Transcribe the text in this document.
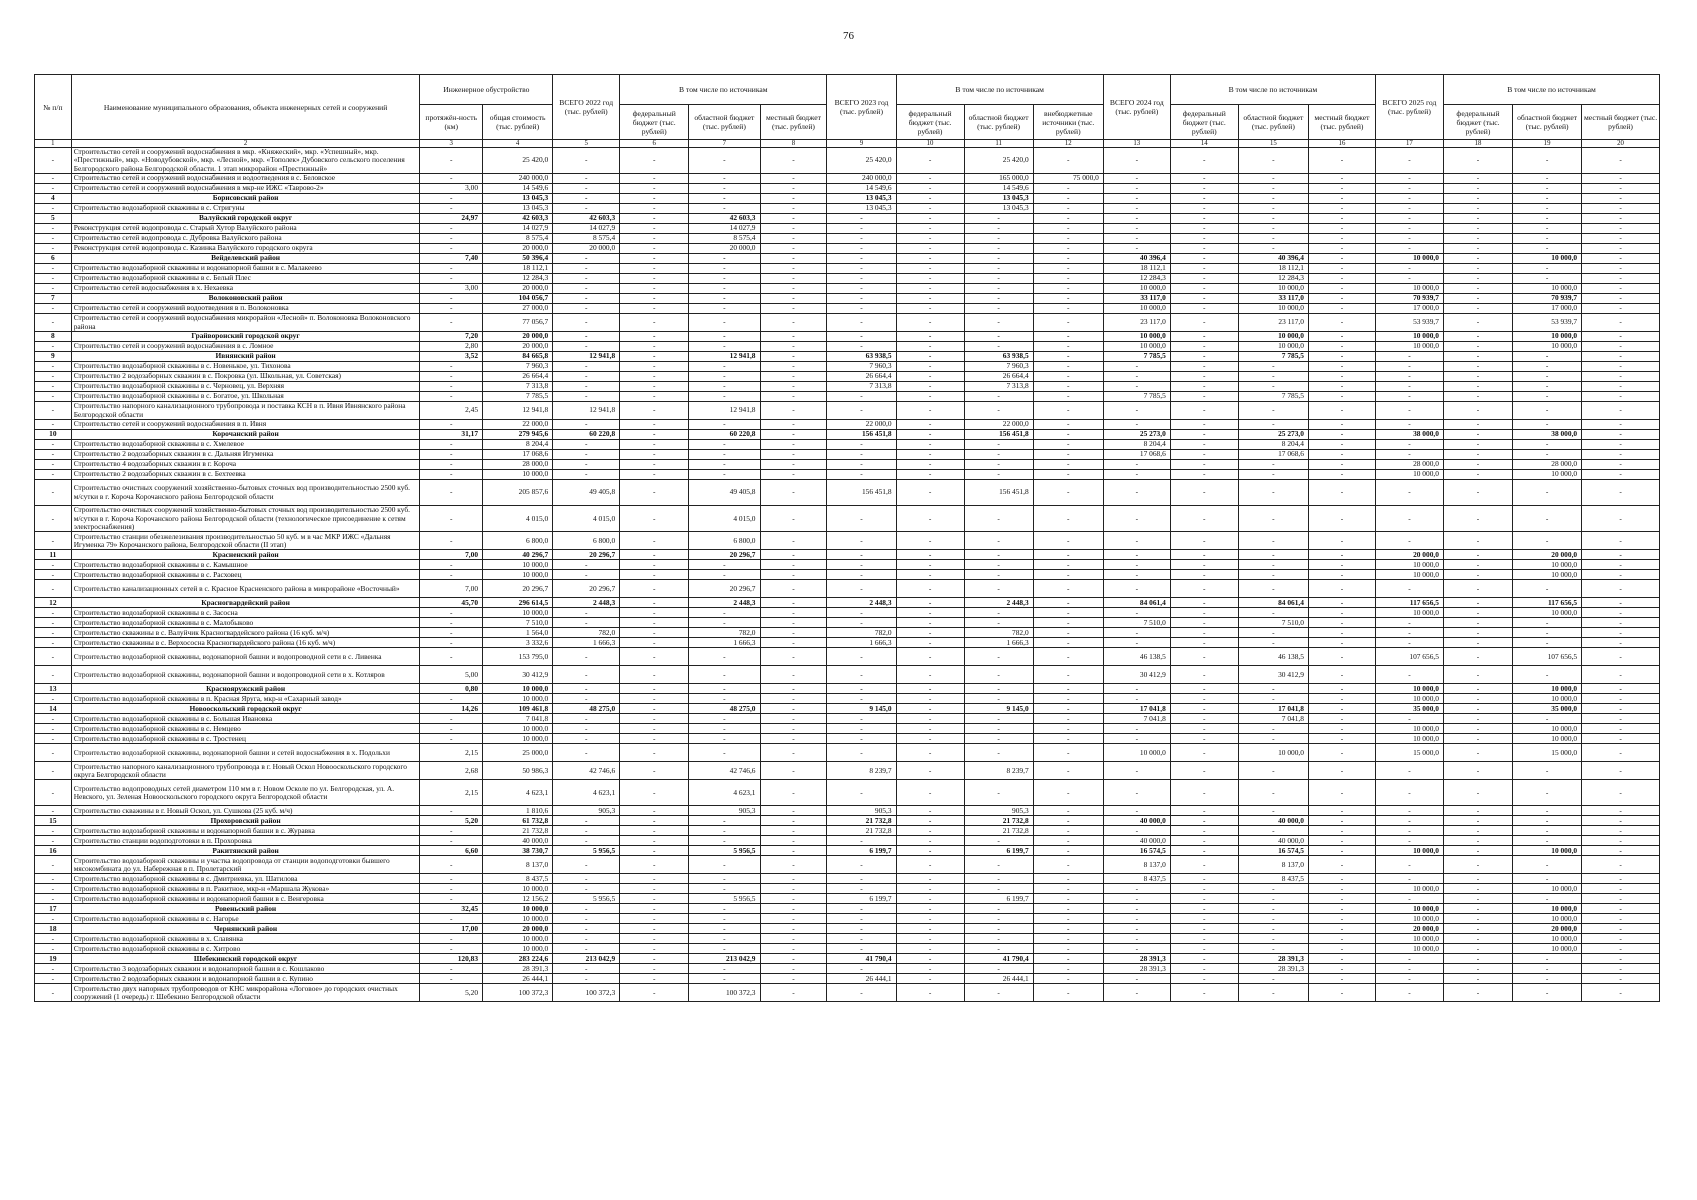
76
№ п/п	Наименование муниципального образования, объекта инженерных сетей и сооружений	Инженерное обустройство		ВСЕГО 2022 год (тыс. рублей)	В том числе по источникам			ВСЕГО 2023 год (тыс. рублей)	В том числе по источникам			ВСЕГО 2024 год (тыс. рублей)	В том числе по источникам			ВСЕГО 2025 год (тыс. рублей)	В том числе по источникам		
		протяжён-ность (км)	общая стоимость (тыс. рублей)		федеральный бюджет (тыс. рублей)	областной бюджет (тыс. рублей)	местный бюджет (тыс. рублей)		федеральный бюджет (тыс. рублей)	областной бюджет (тыс. рублей)	внебюджетные источники (тыс. рублей)		федеральный бюджет (тыс. рублей)	областной бюджет (тыс. рублей)	местный бюджет (тыс. рублей)		федеральный бюджет (тыс. рублей)	областной бюджет (тыс. рублей)	местный бюджет (тыс. рублей)
1	2	3	4	5	6	7	8	9	10	11	12	13	14	15	16	17	18	19	20
-	Строительство сетей и сооружений водоснабжения в мкр. «Княжеский», мкр. «Успешный», мкр. «Престижный», мкр. «Новодубовской», мкр. «Лесной», мкр. «Тополек» Дубовского сельского поселения Белгородского района Белгородской области. 1 этап микрорайон «Престижный»	-	25 420,0	-	-	-	-	25 420,0	-	25 420,0	-	-	-	-	-	-	-	-	-
-	Строительство сетей и сооружений водоснабжения и водоотведения в с. Беловское	-	240 000,0	-	-	-	-	240 000,0	-	165 000,0	75 000,0	-	-	-	-	-	-	-	-
-	Строительство сетей и сооружений водоснабжения в мкр-не ИЖС «Таврово-2»	3,00	14 549,6	-	-	-	-	14 549,6	-	14 549,6	-	-	-	-	-	-	-	-	-
4	Борисовский район	-	13 045,3	-	-	-	-	13 045,3	-	13 045,3	-	-	-	-	-	-	-	-	-
-	Строительство водозаборной скважины в с. Стригуны	-	13 045,3	-	-	-	-	13 045,3	-	13 045,3	-	-	-	-	-	-	-	-	-
5	Валуйский городской округ	24,97	42 603,3	42 603,3	-	42 603,3	-	-	-	-	-	-	-	-	-	-	-	-	-
-	Реконструкция сетей водопровода с. Старый Хутор Валуйского района	-	14 027,9	14 027,9	-	14 027,9	-	-	-	-	-	-	-	-	-	-	-	-	-
-	Строительство сетей водопровода с. Дубровка Валуйского района	-	8 575,4	8 575,4	-	8 575,4	-	-	-	-	-	-	-	-	-	-	-	-	-
-	Реконструкция сетей водопровода с. Казинка Валуйского городского округа	-	20 000,0	20 000,0	-	20 000,0	-	-	-	-	-	-	-	-	-	-	-	-	-
6	Вейделевский район	7,40	50 396,4	-	-	-	-	-	-	-	-	40 396,4	-	40 396,4	-	10 000,0	-	10 000,0	-
-	Строительство водозаборной скважины и водонапорной башни в с. Малакеево	-	18 112,1	-	-	-	-	-	-	-	-	18 112,1	-	18 112,1	-	-	-	-	-
-	Строительство водозаборной скважины в с. Белый Плес	-	12 284,3	-	-	-	-	-	-	-	-	12 284,3	-	12 284,3	-	-	-	-	-
-	Строительство сетей водоснабжения в х. Нехаевка	3,00	20 000,0	-	-	-	-	-	-	-	-	10 000,0	-	10 000,0	-	10 000,0	-	10 000,0	-
7	Волоконовский район	-	104 056,7	-	-	-	-	-	-	-	-	33 117,0	-	33 117,0	-	70 939,7	-	70 939,7	-
-	Строительство сетей и сооружений водоотведения в п. Волоконовка	-	27 000,0	-	-	-	-	-	-	-	-	10 000,0	-	10 000,0	-	17 000,0	-	17 000,0	-
-	Строительство сетей и сооружений водоснабжения микрорайон «Лесной» п. Волоконовка Волоконовского района	-	77 056,7	-	-	-	-	-	-	-	-	23 117,0	-	23 117,0	-	53 939,7	-	53 939,7	-
8	Грайворонский городской округ	7,20	20 000,0	-	-	-	-	-	-	-	-	10 000,0	-	10 000,0	-	10 000,0	-	10 000,0	-
-	Строительство сетей и сооружений водоснабжения в с. Ломное	2,80	20 000,0	-	-	-	-	-	-	-	-	10 000,0	-	10 000,0	-	10 000,0	-	10 000,0	-
9	Ивнянский район	3,52	84 665,8	12 941,8	-	12 941,8	-	63 938,5	-	63 938,5	-	7 785,5	-	7 785,5	-	-	-	-	-
-	Строительство водозаборной скважины в с. Новенькое, ул. Тихонова	-	7 960,3	-	-	-	-	7 960,3	-	7 960,3	-	-	-	-	-	-	-	-	-
-	Строительство 2 водозаборных скважин в с. Покровка (ул. Школьная, ул. Советская)	-	26 664,4	-	-	-	-	26 664,4	-	26 664,4	-	-	-	-	-	-	-	-	-
-	Строительство водозаборной скважины в с. Черновец, ул. Верхняя	-	7 313,8	-	-	-	-	7 313,8	-	7 313,8	-	-	-	-	-	-	-	-	-
-	Строительство водозаборной скважины в с. Богатое, ул. Школьная	-	7 785,5	-	-	-	-	-	-	-	-	7 785,5	-	7 785,5	-	-	-	-	-
-	Строительство напорного канализационного трубопровода и поставка КСН в п. Ивня Ивнянского района Белгородской области	2,45	12 941,8	12 941,8	-	12 941,8	-	-	-	-	-	-	-	-	-	-	-	-	-
-	Строительство сетей и сооружений водоснабжения в п. Ивня	-	22 000,0	-	-	-	-	22 000,0	-	22 000,0	-	-	-	-	-	-	-	-	-
10	Корочанский район	31,17	279 945,6	60 220,8	-	60 220,8	-	156 451,8	-	156 451,8	-	25 273,0	-	25 273,0	-	38 000,0	-	38 000,0	-
-	Строительство водозаборной скважины в с. Хмелевое	-	8 204,4	-	-	-	-	-	-	-	-	8 204,4	-	8 204,4	-	-	-	-	-
-	Строительство 2 водозаборных скважин в с. Дальняя Игуменка	-	17 068,6	-	-	-	-	-	-	-	-	17 068,6	-	17 068,6	-	-	-	-	-
-	Строительство 4 водозаборных скважин в г. Короча	-	28 000,0	-	-	-	-	-	-	-	-	-	-	-	-	28 000,0	-	28 000,0	-
-	Строительство 2 водозаборных скважин в с. Бехтеевка	-	10 000,0	-	-	-	-	-	-	-	-	-	-	-	-	10 000,0	-	10 000,0	-
-	Строительство очистных сооружений хозяйственно-бытовых сточных вод производительностью 2500 куб. м/сутки в г. Короча Корочанского района Белгородской области	-	205 857,6	49 405,8	-	49 405,8	-	156 451,8	-	156 451,8	-	-	-	-	-	-	-	-	-
-	Строительство очистных сооружений хозяйственно-бытовых сточных вод производительностью 2500 куб. м/сутки в г. Короча Корочанского района Белгородской области (технологическое присоединение к сетям электроснабжения)	-	4 015,0	4 015,0	-	4 015,0	-	-	-	-	-	-	-	-	-	-	-	-	-
-	Строительство станции обезжелезивания производительностью 50 куб. м в час МКР ИЖС «Дальняя Игуменка 79» Корочанского района, Белгородской области (II этап)	-	6 800,0	6 800,0	-	6 800,0	-	-	-	-	-	-	-	-	-	-	-	-	-
11	Красненский район	7,00	40 296,7	20 296,7	-	20 296,7	-	-	-	-	-	-	-	-	-	20 000,0	-	20 000,0	-
-	Строительство водозаборной скважины в с. Камышное	-	10 000,0	-	-	-	-	-	-	-	-	-	-	-	-	10 000,0	-	10 000,0	-
-	Строительство водозаборной скважины в с. Расховец	-	10 000,0	-	-	-	-	-	-	-	-	-	-	-	-	10 000,0	-	10 000,0	-
-	Строительство канализационных сетей в с. Красное Красненского района в микрорайоне «Восточный»	7,00	20 296,7	20 296,7	-	20 296,7	-	-	-	-	-	-	-	-	-	-	-	-	-
12	Красногвардейский район	45,70	296 614,5	2 448,3	-	2 448,3	-	2 448,3	-	2 448,3	-	84 061,4	-	84 061,4	-	117 656,5	-	117 656,5	-
-	Строительство водозаборной скважины в с. Засосна	-	10 000,0	-	-	-	-	-	-	-	-	-	-	-	-	10 000,0	-	10 000,0	-
-	Строительство водозаборной скважины в с. Малобыково	-	7 510,0	-	-	-	-	-	-	-	-	7 510,0	-	7 510,0	-	-	-	-	-
-	Строительство скважины в с. Валуйчик Красногвардейского района (16 куб. м/ч)	-	1 564,0	782,0	-	782,0	-	782,0	-	782,0	-	-	-	-	-	-	-	-	-
-	Строительство скважины в с. Верхососна Красногвардейского района (16 куб. м/ч)	-	3 332,6	1 666,3	-	1 666,3	-	1 666,3	-	1 666,3	-	-	-	-	-	-	-	-	-
-	Строительство водозаборной скважины, водонапорной башни и водопроводной сети в с. Ливенка	-	153 795,0	-	-	-	-	-	-	-	-	46 138,5	-	46 138,5	-	107 656,5	-	107 656,5	-
-	Строительство водозаборной скважины, водонапорной башни и водопроводной сети в х. Котляров	5,00	30 412,9	-	-	-	-	-	-	-	-	30 412,9	-	30 412,9	-	-	-	-	-
13	Краснояружский район	0,80	10 000,0	-	-	-	-	-	-	-	-	-	-	-	-	10 000,0	-	10 000,0	-
-	Строительство водозаборной скважины в п. Красная Яруга, мкр-н «Сахарный завод»	-	10 000,0	-	-	-	-	-	-	-	-	-	-	-	-	10 000,0	-	10 000,0	-
14	Новооскольский городской округ	14,26	109 461,8	48 275,0	-	48 275,0	-	9 145,0	-	9 145,0	-	17 041,8	-	17 041,8	-	35 000,0	-	35 000,0	-
-	Строительство водозаборной скважины в с. Большая Ивановка	-	7 041,8	-	-	-	-	-	-	-	-	7 041,8	-	7 041,8	-	-	-	-	-
-	Строительство водозаборной скважины в с. Немцево	-	10 000,0	-	-	-	-	-	-	-	-	-	-	-	-	10 000,0	-	10 000,0	-
-	Строительство водозаборной скважины в с. Тростенец	-	10 000,0	-	-	-	-	-	-	-	-	-	-	-	-	10 000,0	-	10 000,0	-
-	Строительство водозаборной скважины, водонапорной башни и сетей водоснабжения в х. Подольхи	2,15	25 000,0	-	-	-	-	-	-	-	-	10 000,0	-	10 000,0	-	15 000,0	-	15 000,0	-
-	Строительство напорного канализационного трубопровода в г. Новый Оскол Новооскольского городского округа Белгородской области	2,68	50 986,3	42 746,6	-	42 746,6	-	8 239,7	-	8 239,7	-	-	-	-	-	-	-	-	-
-	Строительство водопроводных сетей диаметром 110 мм в г. Новом Осколе по ул. Белгородская, ул. А. Невского, ул. Зеленая Новооскольского городского округа Белгородской области	2,15	4 623,1	4 623,1	-	4 623,1	-	-	-	-	-	-	-	-	-	-	-	-	-
-	Строительство скважины в г. Новый Оскол, ул. Сушкова (25 куб. м/ч)	-	1 810,6	905,3	-	905,3	-	905,3	-	905,3	-	-	-	-	-	-	-	-	-
15	Прохоровский район	5,20	61 732,8	-	-	-	-	21 732,8	-	21 732,8	-	40 000,0	-	40 000,0	-	-	-	-	-
-	Строительство водозаборной скважины и водонапорной башни в с. Журавка	-	21 732,8	-	-	-	-	21 732,8	-	21 732,8	-	-	-	-	-	-	-	-	-
-	Строительство станции водоподготовки в п. Прохоровка	-	40 000,0	-	-	-	-	-	-	-	-	40 000,0	-	40 000,0	-	-	-	-	-
16	Ракитянский район	6,60	38 730,7	5 956,5	-	5 956,5	-	6 199,7	-	6 199,7	-	16 574,5	-	16 574,5	-	10 000,0	-	10 000,0	-
-	Строительство водозаборной скважины и участка водопровода от станции водоподготовки бывшего мясокомбината до ул. Набережная в п. Пролетарский	-	8 137,0	-	-	-	-	-	-	-	-	8 137,0	-	8 137,0	-	-	-	-	-
-	Строительство водозаборной скважины в с. Дмитриевка, ул. Шатилова	-	8 437,5	-	-	-	-	-	-	-	-	8 437,5	-	8 437,5	-	-	-	-	-
-	Строительство водозаборной скважины в п. Ракитное, мкр-н «Маршала Жукова»	-	10 000,0	-	-	-	-	-	-	-	-	-	-	-	-	10 000,0	-	10 000,0	-
-	Строительство водозаборной скважины и водонапорной башни в с. Венгеровка	-	12 156,2	5 956,5	-	5 956,5	-	6 199,7	-	6 199,7	-	-	-	-	-	-	-	-	-
17	Ровеньский район	32,45	10 000,0	-	-	-	-	-	-	-	-	-	-	-	-	10 000,0	-	10 000,0	-
-	Строительство водозаборной скважины в с. Нагорье	-	10 000,0	-	-	-	-	-	-	-	-	-	-	-	-	10 000,0	-	10 000,0	-
18	Чернянский район	17,00	20 000,0	-	-	-	-	-	-	-	-	-	-	-	-	20 000,0	-	20 000,0	-
-	Строительство водозаборной скважины в х. Славянка	-	10 000,0	-	-	-	-	-	-	-	-	-	-	-	-	10 000,0	-	10 000,0	-
-	Строительство водозаборной скважины в с. Хитрово	-	10 000,0	-	-	-	-	-	-	-	-	-	-	-	-	10 000,0	-	10 000,0	-
19	Шебекинский городской округ	120,83	283 224,6	213 042,9	-	213 042,9	-	41 790,4	-	41 790,4	-	28 391,3	-	28 391,3	-	-	-	-	-
-	Строительство 3 водозаборных скважин и водонапорной башни в с. Кошлаково	-	28 391,3	-	-	-	-	-	-	-	-	28 391,3	-	28 391,3	-	-	-	-	-
-	Строительство 2 водозаборных скважин и водонапорной башни в с. Купино	-	26 444,1	-	-	-	-	26 444,1	-	26 444,1	-	-	-	-	-	-	-	-	-
-	Строительство двух напорных трубопроводов от КНС микрорайона «Логовое» до городских очистных сооружений (1 очередь) г. Шебекино Белгородской области	5,20	100 372,3	100 372,3	-	100 372,3	-	-	-	-	-	-	-	-	-	-	-	-	-
